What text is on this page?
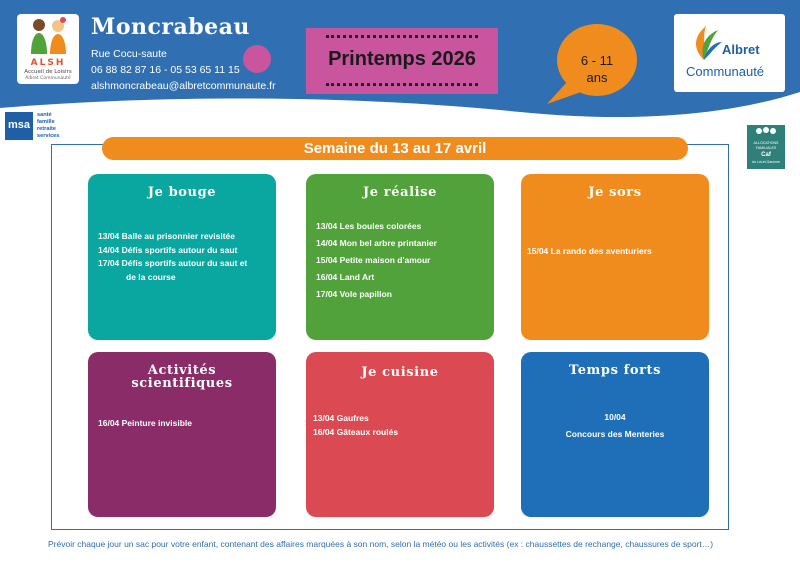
ALSH
Accueil de Loisirs
Albret Communauté
Moncrabeau
Rue Cocu-saute
06 88 82 87 16 - 05 53 65 11 15
alshmoncrabeau@albretcommunaute.fr
Printemps 2026	6 - 11
ans
Albret
Communauté
msa
santé
famille
retraite
services
ALLOCATIONS
FAMILIALES
Caf
du Lot-et-Garonne
Semaine du 13 au 17 avril
Je bouge
13/04 Balle au prisonnier revisitée
14/04 Défis sportifs autour du saut
17/04 Défis sportifs autour du saut et
de la course
Je réalise
13/04 Les boules colorées
14/04 Mon bel arbre printanier
15/04 Petite maison d'amour
16/04 Land Art
17/04 Vole papillon
Je sors
15/04 La rando des aventuriers
Activités
scientifiques
16/04 Peinture invisible
Je cuisine
13/04 Gaufres
16/04 Gâteaux roulés
Temps forts
10/04
Concours des Menteries
Prévoir chaque jour un sac pour votre enfant, contenant des affaires marquées à son nom, selon la météo ou les activités (ex : chaussettes de rechange, chaussures de sport…)
